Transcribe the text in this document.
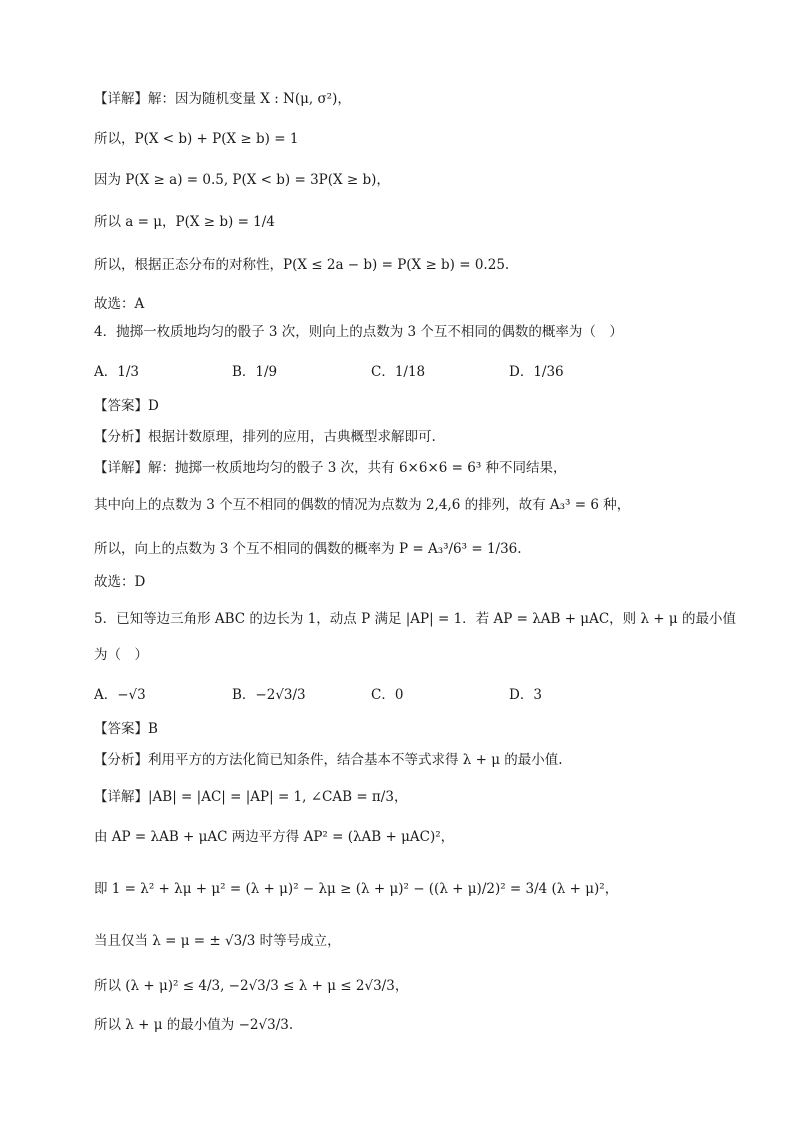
【详解】解：因为随机变量 X : N(μ, σ²)，
所以，P(X < b) + P(X ≥ b) = 1
因为 P(X ≥ a) = 0.5, P(X < b) = 3P(X ≥ b)，
所以 a = μ，P(X ≥ b) = 1/4
所以，根据正态分布的对称性，P(X ≤ 2a − b) = P(X ≥ b) = 0.25.
故选：A
4．抛掷一枚质地均匀的骰子 3 次，则向上的点数为 3 个互不相同的偶数的概率为（　）
A．1/3	B．1/9	C．1/18	D．1/36
【答案】D
【分析】根据计数原理，排列的应用，古典概型求解即可.
【详解】解：抛掷一枚质地均匀的骰子 3 次，共有 6×6×6 = 6³ 种不同结果，
其中向上的点数为 3 个互不相同的偶数的情况为点数为 2,4,6 的排列，故有 A₃³ = 6 种，
所以，向上的点数为 3 个互不相同的偶数的概率为 P = A₃³/6³ = 1/36.
故选：D
5．已知等边三角形 ABC 的边长为 1，动点 P 满足 |AP| = 1．若 AP = λAB + μAC，则 λ + μ 的最小值
为（　）
A．−√3	B．−2√3/3	C．0	D．3
【答案】B
【分析】利用平方的方法化简已知条件，结合基本不等式求得 λ + μ 的最小值.
【详解】|AB| = |AC| = |AP| = 1, ∠CAB = π/3，
由 AP = λAB + μAC 两边平方得 AP² = (λAB + μAC)²，
即 1 = λ² + λμ + μ² = (λ + μ)² − λμ ≥ (λ + μ)² − ((λ + μ)/2)² = 3/4 (λ + μ)²，
当且仅当 λ = μ = ± √3/3 时等号成立，
所以 (λ + μ)² ≤ 4/3, −2√3/3 ≤ λ + μ ≤ 2√3/3，
所以 λ + μ 的最小值为 −2√3/3.
